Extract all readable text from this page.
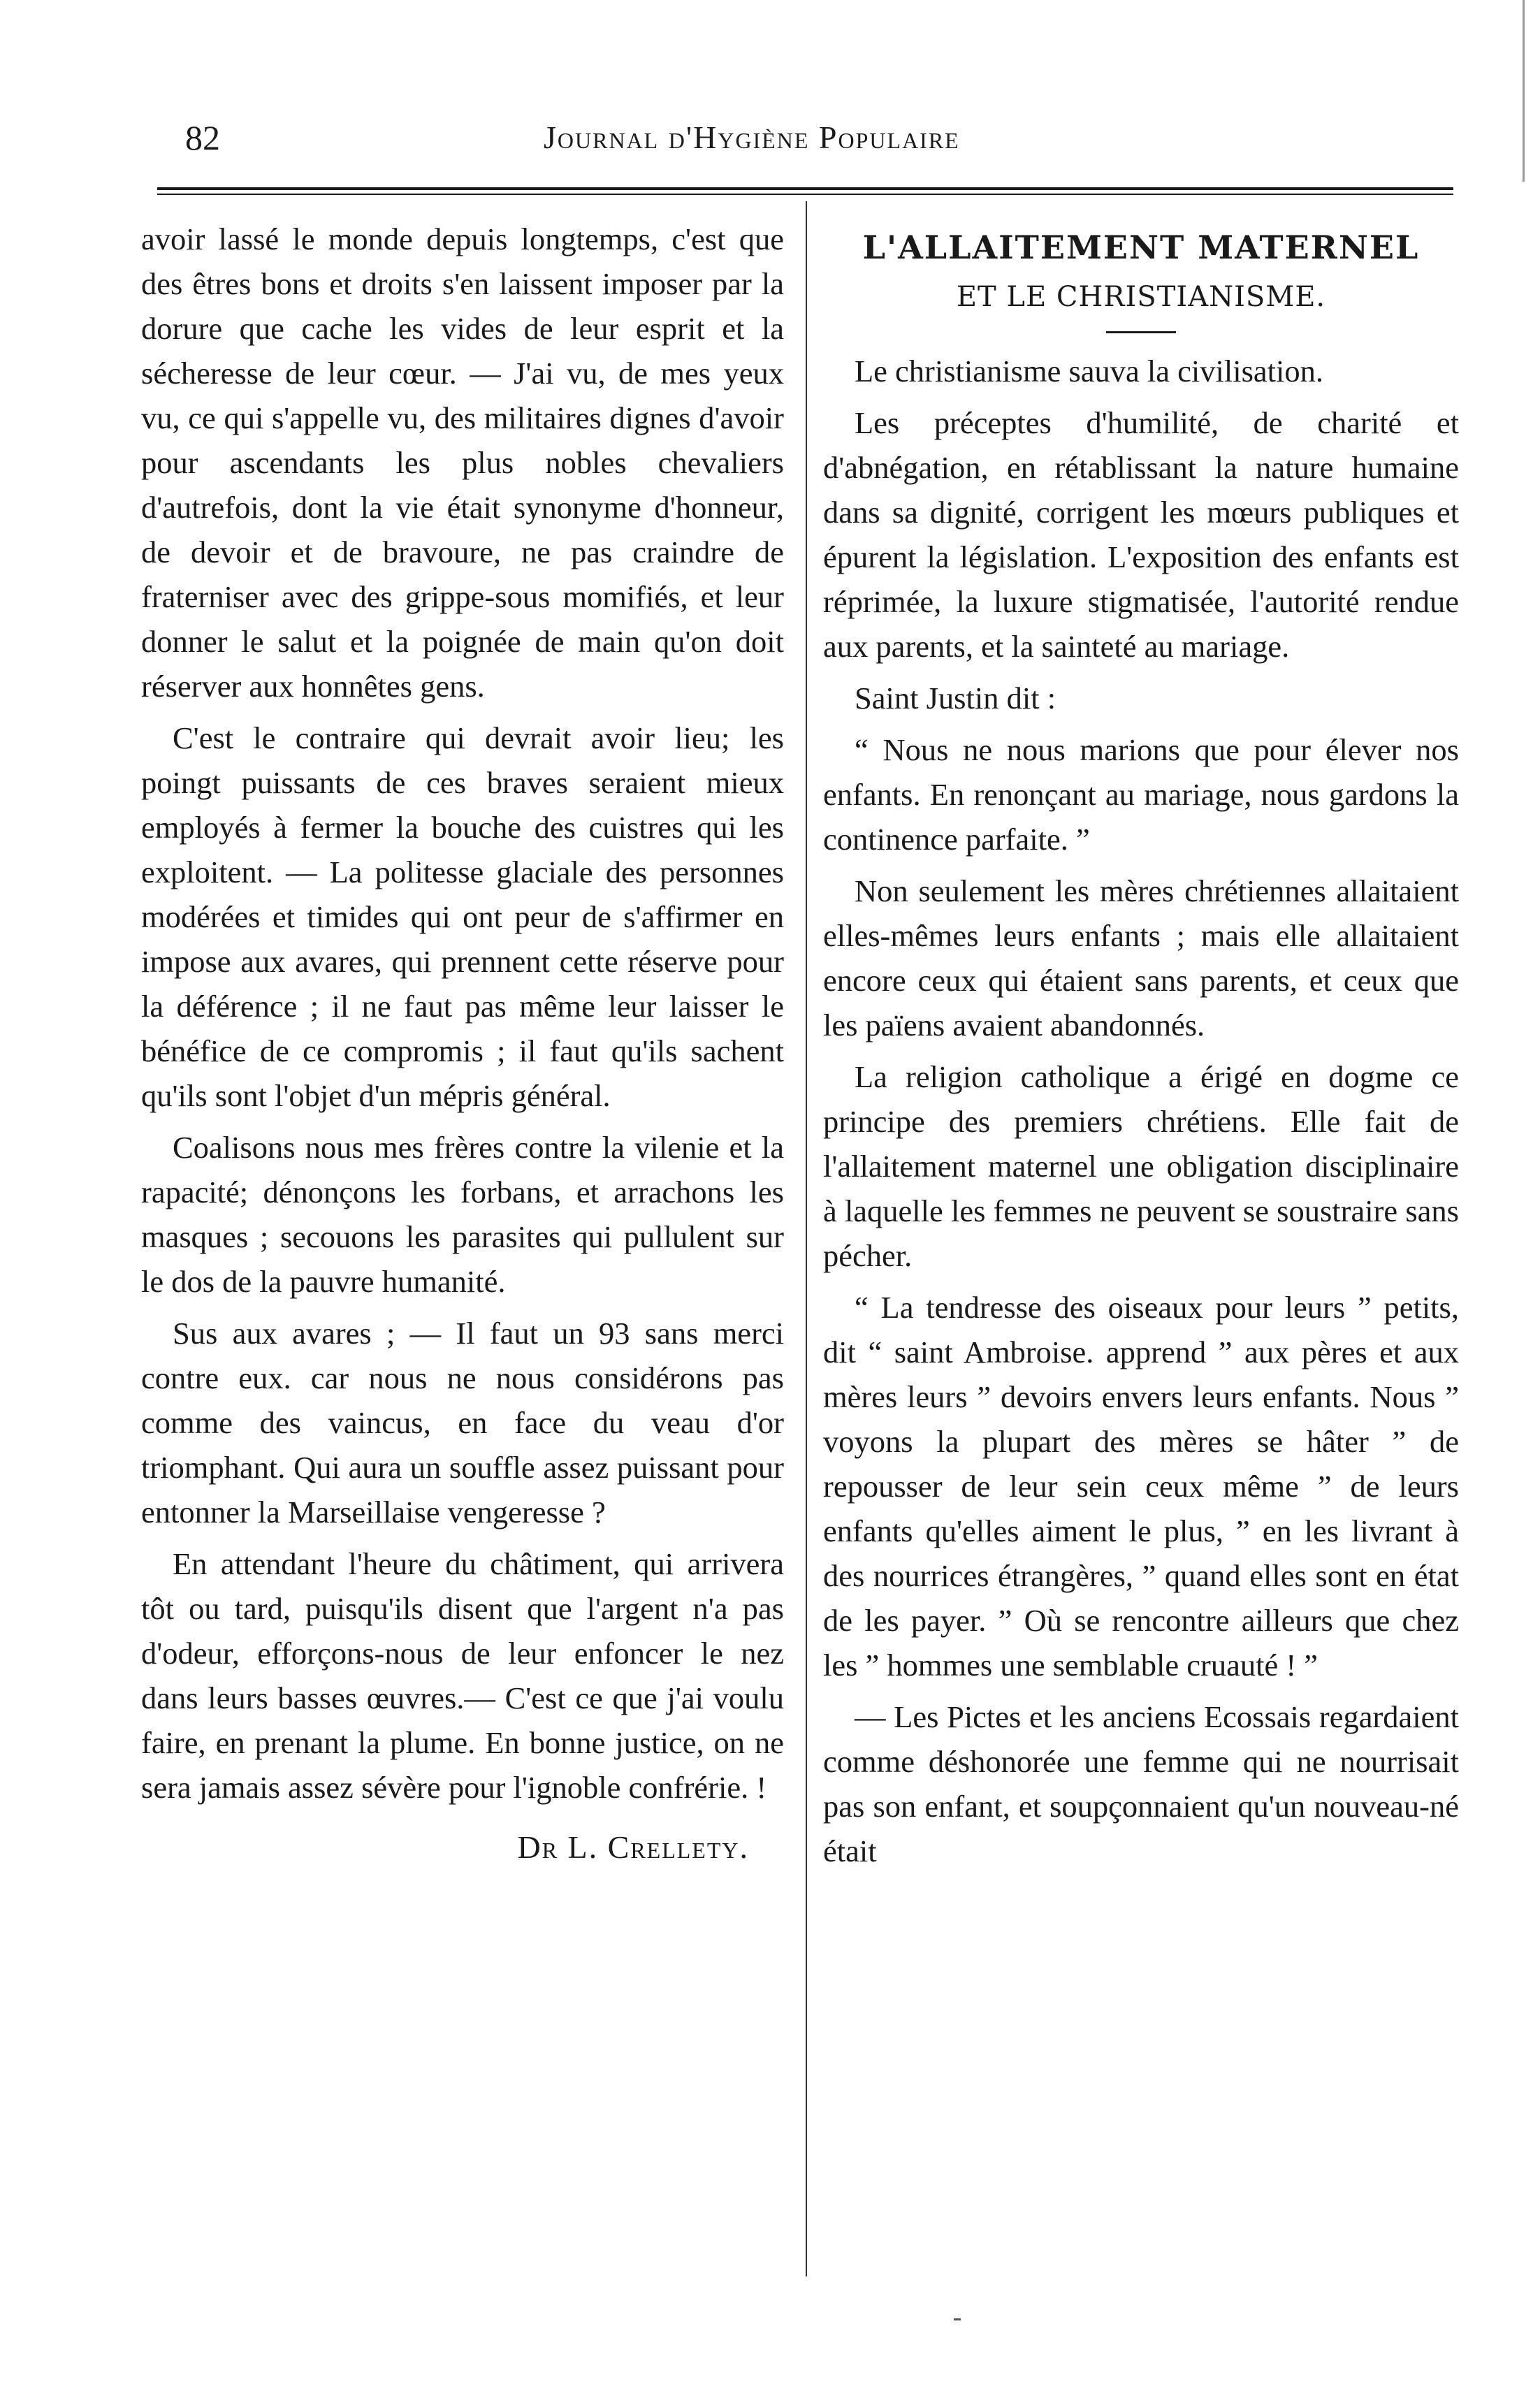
82	Journal d'Hygiène Populaire

avoir lassé le monde depuis longtemps, c'est que des êtres bons et droits s'en laissent imposer par la dorure que cache les vides de leur esprit et la sécheresse de leur cœur. — J'ai vu, de mes yeux vu, ce qui s'appelle vu, des militaires dignes d'avoir pour ascendants les plus nobles chevaliers d'autrefois, dont la vie était synonyme d'honneur, de devoir et de bravoure, ne pas craindre de fraterniser avec des grippe-sous momifiés, et leur donner le salut et la poignée de main qu'on doit réserver aux honnêtes gens.

C'est le contraire qui devrait avoir lieu; les poingt puissants de ces braves seraient mieux employés à fermer la bouche des cuistres qui les exploitent. — La politesse glaciale des personnes modérées et timides qui ont peur de s'affirmer en impose aux avares, qui prennent cette réserve pour la déférence ; il ne faut pas même leur laisser le bénéfice de ce compromis ; il faut qu'ils sachent qu'ils sont l'objet d'un mépris général.

Coalisons nous mes frères contre la vilenie et la rapacité; dénonçons les forbans, et arrachons les masques ; secouons les parasites qui pullulent sur le dos de la pauvre humanité.

Sus aux avares ; — Il faut un 93 sans merci contre eux. car nous ne nous considérons pas comme des vaincus, en face du veau d'or triomphant. Qui aura un souffle assez puissant pour entonner la Marseillaise vengeresse ?

En attendant l'heure du châtiment, qui arrivera tôt ou tard, puisqu'ils disent que l'argent n'a pas d'odeur, efforçons-nous de leur enfoncer le nez dans leurs basses œuvres.— C'est ce que j'ai voulu faire, en prenant la plume. En bonne justice, on ne sera jamais assez sévère pour l'ignoble confrérie. !

Dr L. Crellety.
L'ALLAITEMENT MATERNEL
ET LE CHRISTIANISME.

Le christianisme sauva la civilisation.

Les préceptes d'humilité, de charité et d'abnégation, en rétablissant la nature humaine dans sa dignité, corrigent les mœurs publiques et épurent la législation. L'exposition des enfants est réprimée, la luxure stigmatisée, l'autorité rendue aux parents, et la sainteté au mariage.

Saint Justin dit :

“ Nous ne nous marions que pour élever nos enfants. En renonçant au mariage, nous gardons la continence parfaite. ”

Non seulement les mères chrétiennes allaitaient elles-mêmes leurs enfants ; mais elle allaitaient encore ceux qui étaient sans parents, et ceux que les païens avaient abandonnés.

La religion catholique a érigé en dogme ce principe des premiers chrétiens. Elle fait de l'allaitement maternel une obligation disciplinaire à laquelle les femmes ne peuvent se soustraire sans pécher.

“ La tendresse des oiseaux pour leurs ” petits, dit “ saint Ambroise. apprend ” aux pères et aux mères leurs ” devoirs envers leurs enfants. Nous ” voyons la plupart des mères se hâter ” de repousser de leur sein ceux même ” de leurs enfants qu'elles aiment le plus, ” en les livrant à des nourrices étrangères, ” quand elles sont en état de les payer. ” Où se rencontre ailleurs que chez les ” hommes une semblable cruauté ! ”

— Les Pictes et les anciens Ecossais regardaient comme déshonorée une femme qui ne nourrisait pas son enfant, et soupçonnaient qu'un nouveau-né était
